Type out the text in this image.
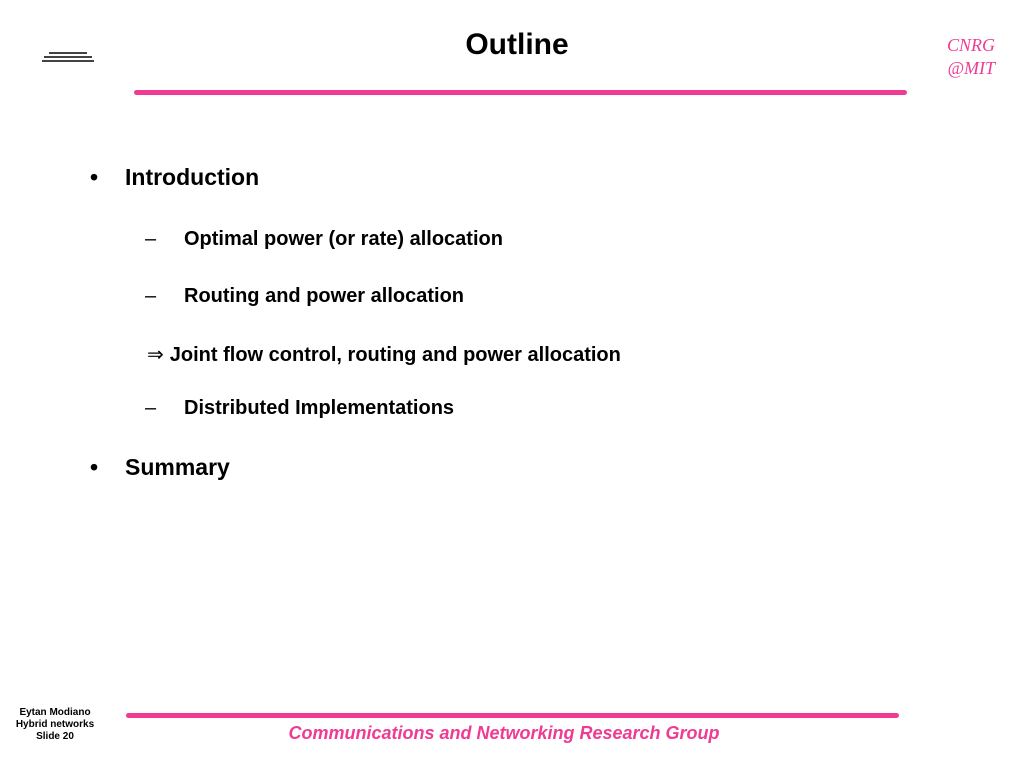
Outline	CNRG
@MIT
• Introduction
– Optimal power (or rate) allocation
– Routing and power allocation
⇒ Joint flow control, routing and power allocation
– Distributed Implementations
• Summary
Eytan Modiano
Hybrid networks
Slide 20	Communications and Networking Research Group
